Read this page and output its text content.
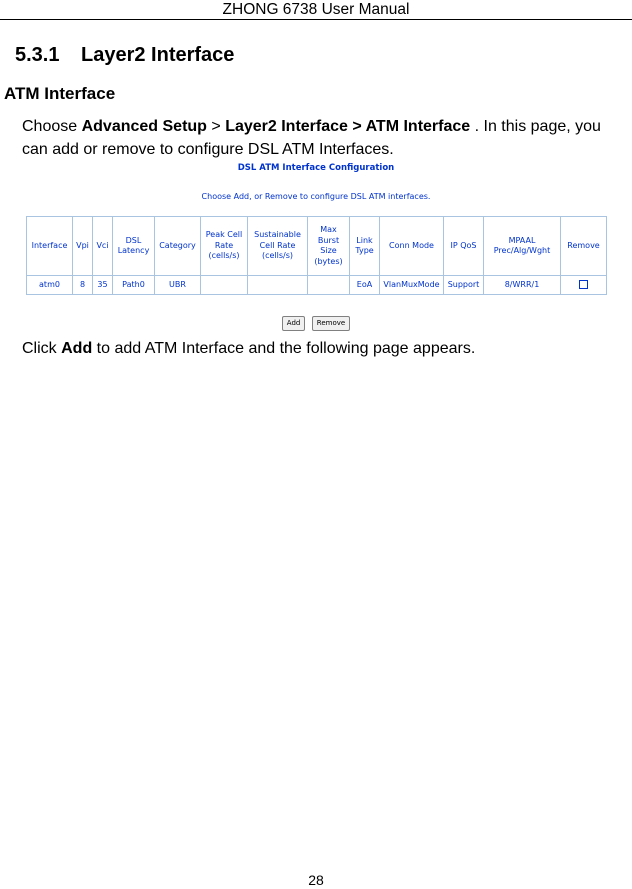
ZHONG 6738 User Manual
5.3.1 Layer2 Interface
ATM Interface
Choose Advanced Setup > Layer2 Interface > ATM Interface . In this page, you can add or remove to configure DSL ATM Interfaces.
DSL ATM Interface Configuration
Choose Add, or Remove to configure DSL ATM interfaces.
Interface	Vpi	Vci	DSL Latency	Category	Peak Cell Rate (cells/s)	Sustainable Cell Rate (cells/s)	Max Burst Size (bytes)	Link Type	Conn Mode	IP QoS	MPAAL Prec/Alg/Wght	Remove
atm0	8	35	Path0	UBR				EoA	VlanMuxMode	Support	8/WRR/1	
Add Remove
Click Add to add ATM Interface and the following page appears.
28
